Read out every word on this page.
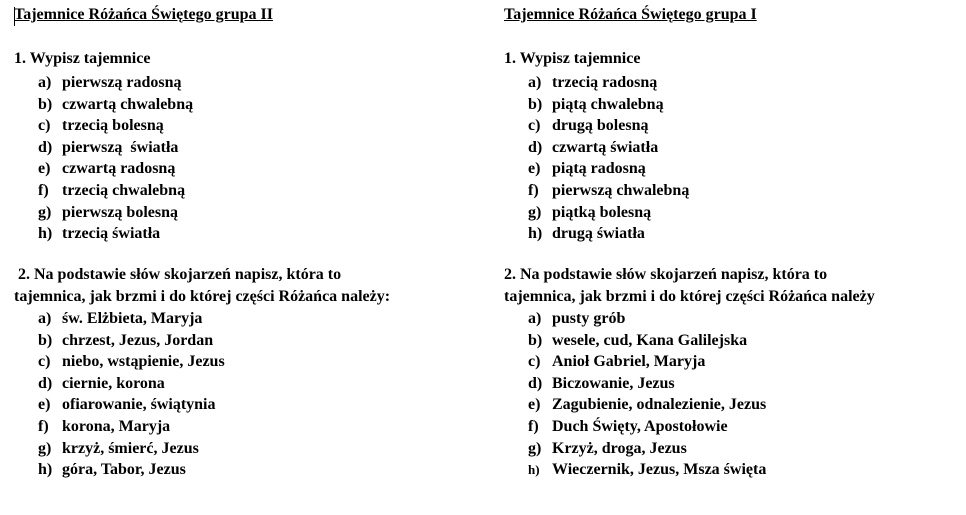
Tajemnice Różańca Świętego grupa II
1. Wypisz tajemnice
a) pierwszą radosną
b) czwartą chwalebną
c) trzecią bolesną
d) pierwszą  światła
e) czwartą radosną
f) trzecią chwalebną
g) pierwszą bolesną
h) trzecią światła
2. Na podstawie słów skojarzeń napisz, która to
tajemnica, jak brzmi i do której części Różańca należy:
a) św. Elżbieta, Maryja
b) chrzest, Jezus, Jordan
c) niebo, wstąpienie, Jezus
d) ciernie, korona
e) ofiarowanie, świątynia
f) korona, Maryja
g) krzyż, śmierć, Jezus
h) góra, Tabor, Jezus
Tajemnice Różańca Świętego grupa I
1. Wypisz tajemnice
a) trzecią radosną
b) piątą chwalebną
c) drugą bolesną
d) czwartą światła
e) piątą radosną
f) pierwszą chwalebną
g) piątką bolesną
h) drugą światła
2. Na podstawie słów skojarzeń napisz, która to
tajemnica, jak brzmi i do której części Różańca należy
a) pusty grób
b) wesele, cud, Kana Galilejska
c) Anioł Gabriel, Maryja
d) Biczowanie, Jezus
e) Zagubienie, odnalezienie, Jezus
f) Duch Święty, Apostołowie
g) Krzyż, droga, Jezus
h) Wieczernik, Jezus, Msza święta
